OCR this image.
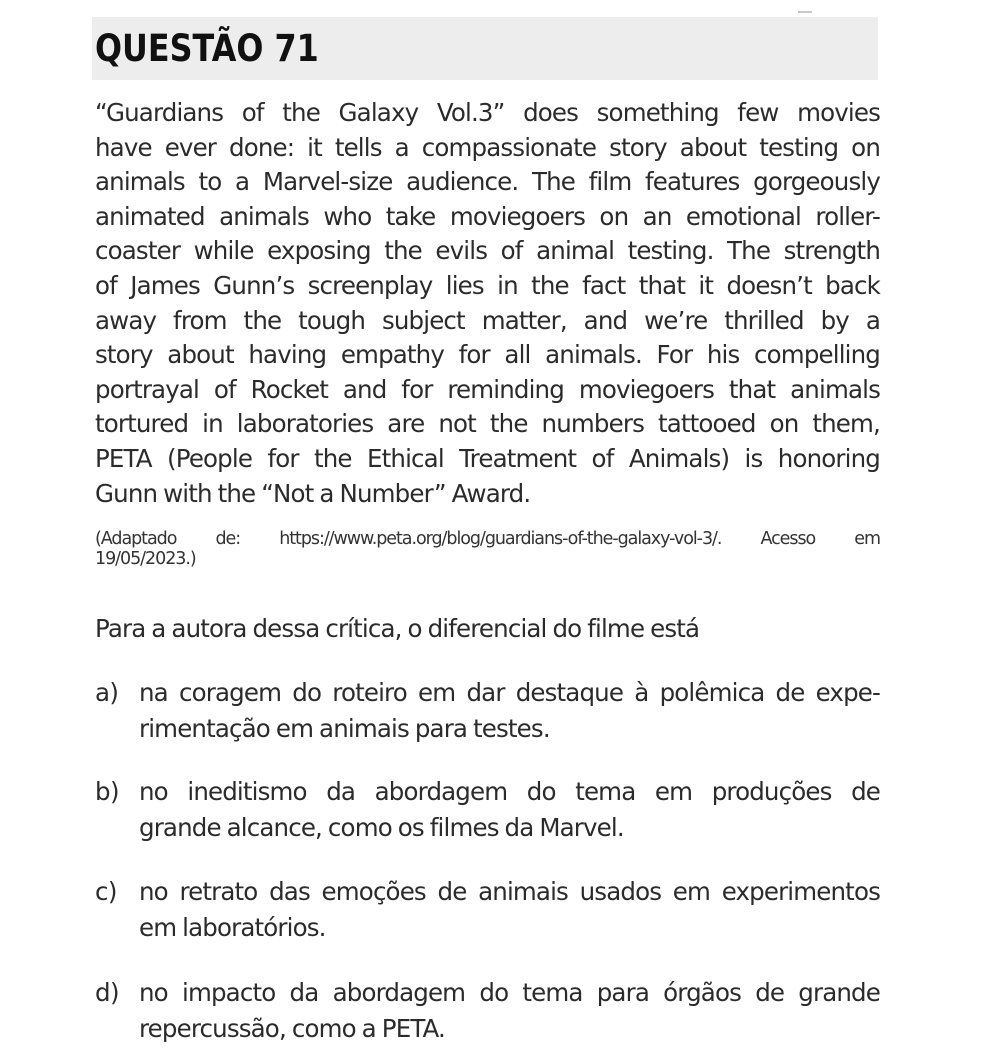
QUESTÃO 71
“Guardians of the Galaxy Vol.3” does something few movies
have ever done: it tells a compassionate story about testing on
animals to a Marvel-size audience. The film features gorgeously
animated animals who take moviegoers on an emotional roller-
coaster while exposing the evils of animal testing. The strength
of James Gunn’s screenplay lies in the fact that it doesn’t back
away from the tough subject matter, and we’re thrilled by a
story about having empathy for all animals. For his compelling
portrayal of Rocket and for reminding moviegoers that animals
tortured in laboratories are not the numbers tattooed on them,
PETA (People for the Ethical Treatment of Animals) is honoring
Gunn with the “Not a Number” Award.
(Adaptado de: https://www.peta.org/blog/guardians-of-the-galaxy-vol-3/. Acesso em
19/05/2023.)

Para a autora dessa crítica, o diferencial do filme está

a) na coragem do roteiro em dar destaque à polêmica de expe-
rimentação em animais para testes.
b) no ineditismo da abordagem do tema em produções de
grande alcance, como os filmes da Marvel.
c) no retrato das emoções de animais usados em experimentos
em laboratórios.
d) no impacto da abordagem do tema para órgãos de grande
repercussão, como a PETA.
